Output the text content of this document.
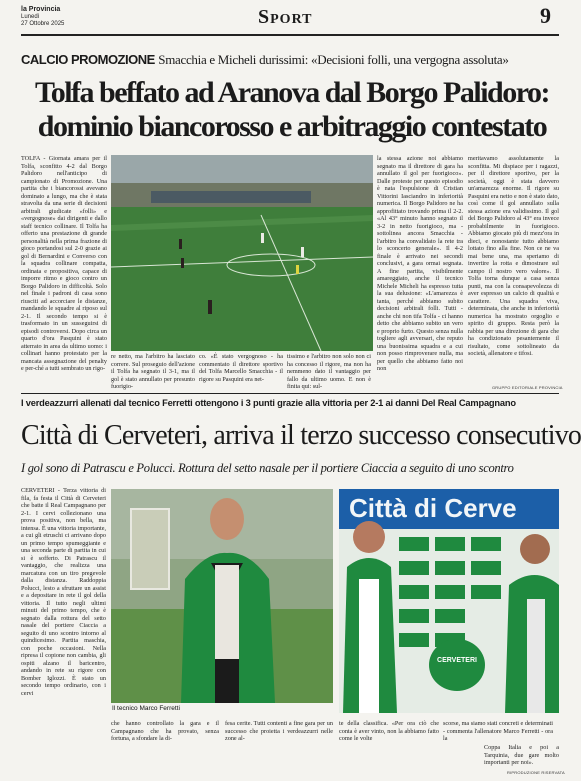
la Provincia
Lunedì
27 Ottobre 2025	Sport	9
CALCIO PROMOZIONE Smacchia e Micheli durissimi: «Decisioni folli, una vergogna assoluta»
Tolfa beffato ad Aranova dal Borgo Palidoro:
dominio biancorosso e arbitraggio contestato
TOLFA - Giornata amara per il Tolfa, sconfitto 4-2 dal Borgo Palidoro nell'anticipo di campionato di Promozione. Una partita che i biancorossi avevano dominato a lungo, ma che è stata stravolta da una serie di decisioni arbitrali giudicate «folli» e «vergognose» dai dirigenti e dallo staff tecnico collinare. Il Tolfa ha offerto una prestazione di grande personalità nella prima frazione di gioco portandosi sul 2-0 grazie ai gol di Bernardini e Converso con la squadra collinare compatta, ordinata e propositiva, capace di imporre ritmo e gioco contro un Borgo Palidoro in difficoltà. Solo nel finale i padroni di casa sono riusciti ad accorciare le distanze, mandando le squadre al riposo sul 2-1. Il secondo tempo si è trasformato in un susseguirsi di episodi controversi. Dopo circa un quarto d'ora Pasquini è stato atterrato in area da ultimo uomo: i collinari hanno protestato per la mancata assegnazione del penalty e per-ché a tutti sembrato un rigo-
re netto, ma l'arbitro ha lasciato correre. Sul proseguio dell'azione il Tolfa ha segnato il 3-1, ma il gol è stato annullato per presunto fuorigio-
co. «È stato vergognoso - ha commentato il direttore sportivo del Tolfa Marcello Smacchia - il rigore su Pasquini era net-
tissimo e l'arbitro non solo non ci ha concesso il rigore, ma non ha nemmeno dato il vantaggio per fallo da ultimo uomo. E non è finita qui: sul-
la stessa azione noi abbiamo segnato ma il direttore di gara ha annullato il gol per fuorigioco». Dalle proteste per questo episodio è nata l'espulsione di Cristian Vittorini Iasciandro in inferiorità numerica. Il Borgo Palidoro ne ha approfittato trovando prima il 2-2. «Al 43° minuto hanno segnato il 3-2 in netto fuorigioco, ma - sottolinea ancora Smacchia - l'arbitro ha convalidato la rete tra lo sconcerto generale». Il 4-2 finale è arrivato nei secondi conclusivi, a gara ormai segnata. A fine partita, visibilmente amareggiato, anche il tecnico Michele Micheli ha espresso tutta la sua delusione: «L'amarezza è tanta, perché abbiamo subito decisioni arbitrali folli. Tutti - anche chi non tifa Tolfa - ci hanno detto che abbiamo subito un vero e proprio furto. Questo senza nulla togliere agli avversari, che reputo una buonissima squadra e a cui non posso rimproverare nulla, ma per quello che abbiamo fatto noi non
meritavamo assolutamente la sconfitta. Mi dispiace per i ragazzi, per il direttore sportivo, per la società, oggi è stata davvero un'amarezza enorme. Il rigore su Pasquini era netto e non è stato dato, così come il gol annullato sulla stessa azione era validissimo. Il gol del Borgo Palidoro al 43° era invece probabilmente in fuorigioco. Abbiamo giocato più di mezz'ora in dieci, e nonostante tutto abbiamo lottato fino alla fine. Non ce ne va mai bene una, ma speriamo di invertire la rotta e dimostrare sul campo il nostro vero valore». Il Tolfa torna dunque a casa senza punti, ma con la consapevolezza di aver espresso un calcio di qualità e carattere. Una squadra viva, determinata, che anche in inferiorità numerica ha mostrato orgoglio e spirito di gruppo. Resta però la rabbia per una direzione di gara che ha condizionato pesantemente il risultato, come sottolineato da società, allenatore e tifosi.
GRUPPO EDITORIALE PROVINCIA
I verdeazzurri allenati dal tecnico Ferretti ottengono i 3 punti grazie alla vittoria per 2-1 ai danni Del Real Campagnano
Città di Cerveteri, arriva il terzo successo consecutivo
I gol sono di Patrascu e Polucci. Rottura del setto nasale per il portiere Ciaccia a seguito di uno scontro
CERVETERI - Terza vittoria di fila, fa festa il Città di Cerveteri che batte il Real Campagnano per 2-1. I cervi collezionano una prova positiva, non bella, ma intensa. È una vittoria importante, a cui gli etruschi ci arrivano dopo un primo tempo spumeggiante e una seconda parte di partita in cui si è sofferto. Di Patrascu il vantaggio, che realizza una marcatura con un tiro pregevole dalla distanza. Raddoppia Polucci, lesto a sfruttare un assist e a depositare in rete il gol della vittoria. Il tutto negli ultimi minuti del primo tempo, che è segnato dalla rottura del setto nasale del portiere Ciaccia a seguito di uno scontro intorno al quindicesimo. Partita maschia, con poche occasioni. Nella ripresa il copione non cambia, gli ospiti alzano il baricentro, andando in rete su rigore con Bomber Iglozzi. È stato un secondo tempo ordinario, con i cervi
Il tecnico Marco Ferretti
Città di Cerve
CERVETERI
che hanno controllato la gara e il Campagnano che ha provato, senza fortuna, a sfondare la di-
fesa cerite. Tutti contenti a fine gara per un successo che proietta i verdeazzurri nelle zone al-
te della classifica. «Per ora ciò che conta è aver vinto, non la abbiamo fatto come le volte
scorse, ma siamo stati concreti e determinati - commenta l'allenatore Marco Ferretti - ora la
Coppa Italia e poi a Tarquinia, due gare molto importanti per noi».
RIPRODUZIONE RISERVATA
